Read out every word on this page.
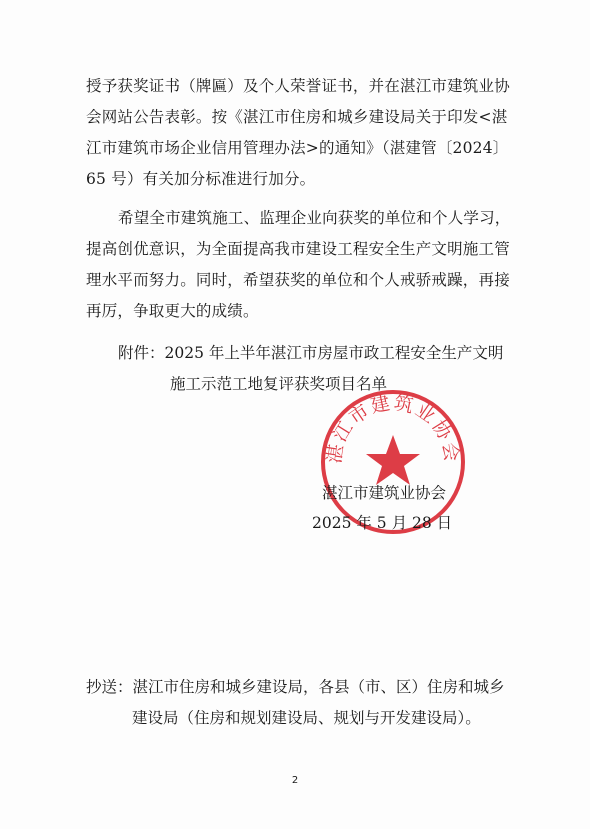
授予获奖证书（牌匾）及个人荣誉证书，并在湛江市建筑业协
会网站公告表彰。按《湛江市住房和城乡建设局关于印发<湛
江市建筑市场企业信用管理办法>的通知》（湛建管〔2024〕
65 号）有关加分标准进行加分。

希望全市建筑施工、监理企业向获奖的单位和个人学习，
提高创优意识，为全面提高我市建设工程安全生产文明施工管
理水平而努力。同时，希望获奖的单位和个人戒骄戒躁，再接
再厉，争取更大的成绩。

附件：2025 年上半年湛江市房屋市政工程安全生产文明
施工示范工地复评获奖项目名单
湛江市建筑业协会
湛江市建筑业协会
2025 年 5 月 28 日
抄送：湛江市住房和城乡建设局，各县（市、区）住房和城乡
建设局（住房和规划建设局、规划与开发建设局）。
2
